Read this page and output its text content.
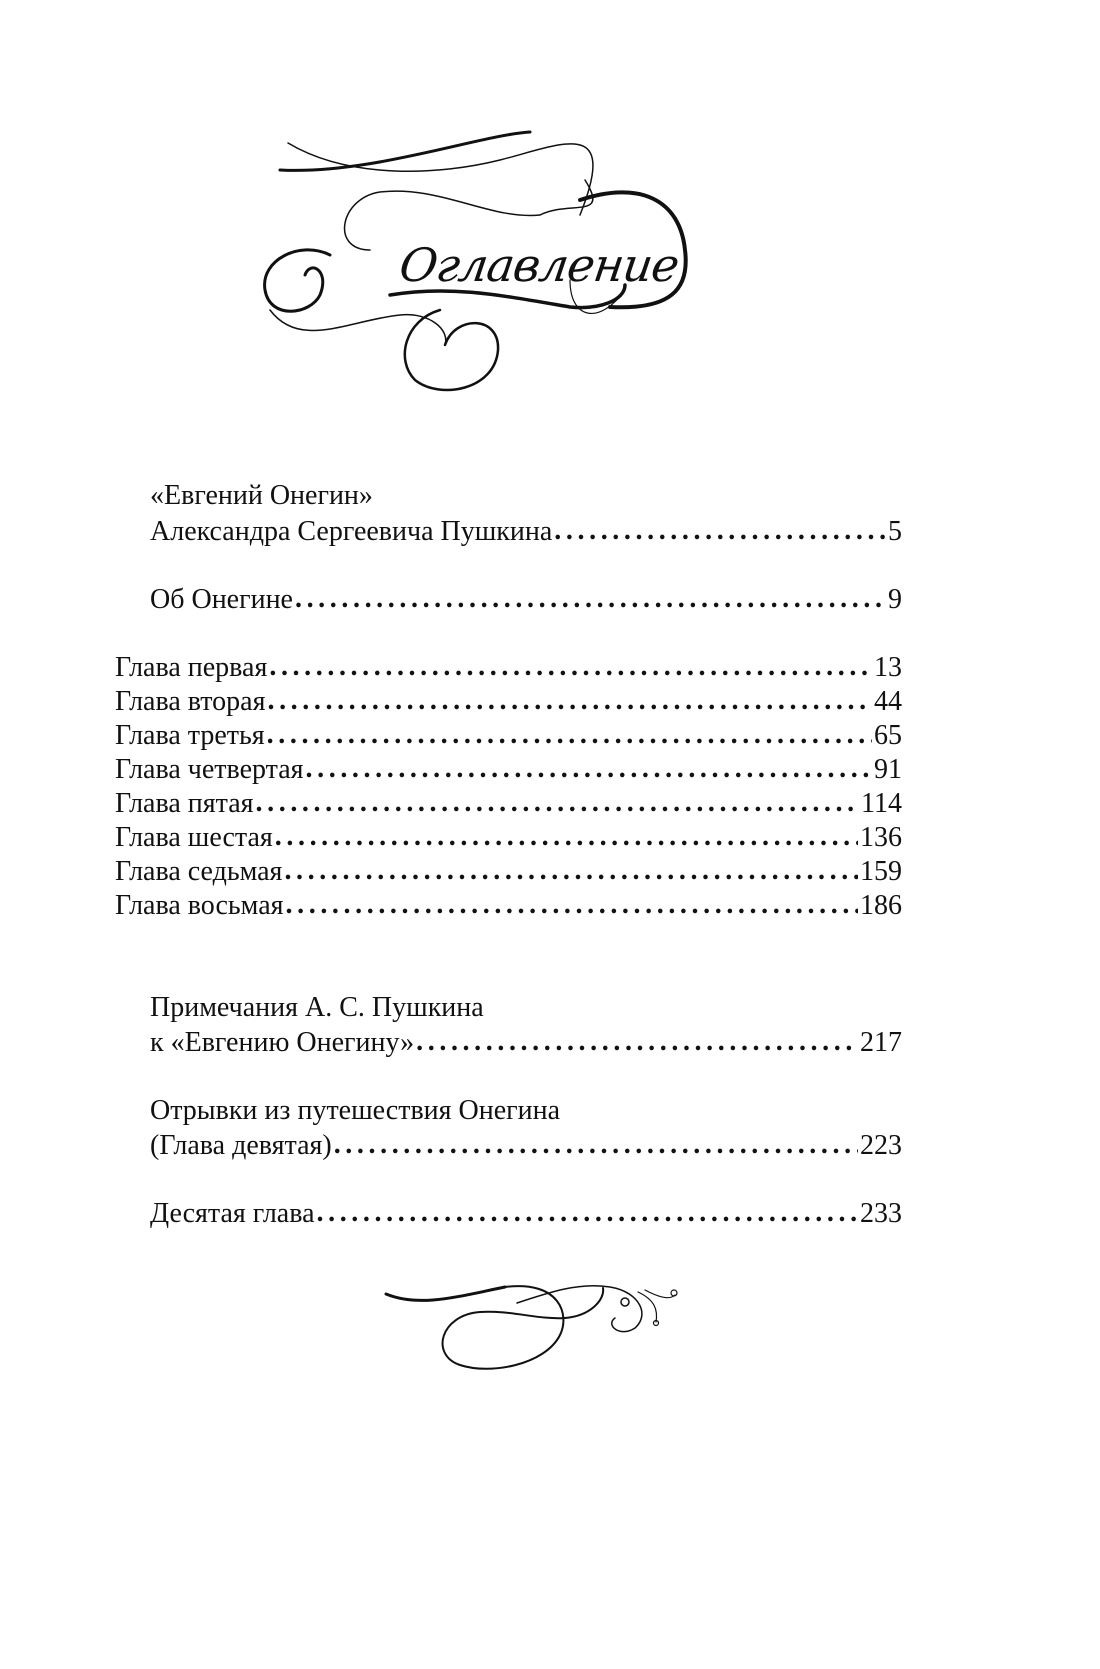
Оглавление
«Евгений Онегин»
Александра Сергеевича Пушкина . . .	5
Об Онегине . . .	9
Глава первая . . .	13
Глава вторая . . .	44
Глава третья . . .	65
Глава четвертая . . .	91
Глава пятая . . .	114
Глава шестая . . .	136
Глава седьмая . . .	159
Глава восьмая . . .	186
Примечания А. С. Пушкина
к «Евгению Онегину» . . .	217
Отрывки из путешествия Онегина
(Глава девятая) . . .	223
Десятая глава . . .	233
